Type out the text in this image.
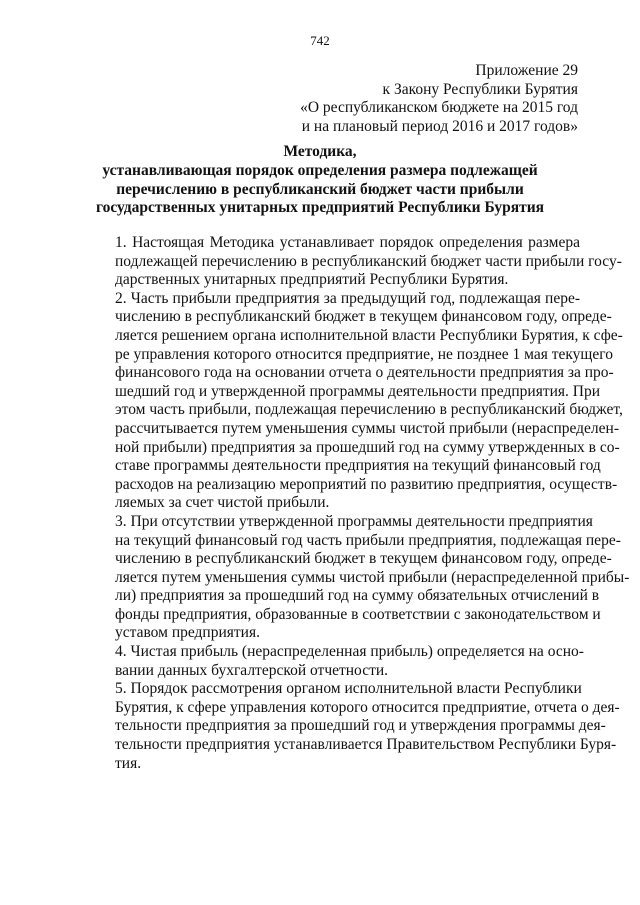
742
Приложение 29
к Закону Республики Бурятия
«О республиканском бюджете на 2015 год
и на плановый период 2016 и 2017 годов»
Методика,
устанавливающая порядок определения размера подлежащей
перечислению в республиканский бюджет части прибыли
государственных унитарных предприятий Республики Бурятия

1. Настоящая Методика устанавливает порядок определения размера
подлежащей перечислению в республиканский бюджет части прибыли госу-
дарственных унитарных предприятий Республики Бурятия.

2. Часть прибыли предприятия за предыдущий год, подлежащая пере-
числению в республиканский бюджет в текущем финансовом году, опреде-
ляется решением органа исполнительной власти Республики Бурятия, к сфе-
ре управления которого относится предприятие, не позднее 1 мая текущего
финансового года на основании отчета о деятельности предприятия за про-
шедший год и утвержденной программы деятельности предприятия. При
этом часть прибыли, подлежащая перечислению в республиканский бюджет,
рассчитывается путем уменьшения суммы чистой прибыли (нераспределен-
ной прибыли) предприятия за прошедший год на сумму утвержденных в со-
ставе программы деятельности предприятия на текущий финансовый год
расходов на реализацию мероприятий по развитию предприятия, осуществ-
ляемых за счет чистой прибыли.

3. При отсутствии утвержденной программы деятельности предприятия
на текущий финансовый год часть прибыли предприятия, подлежащая пере-
числению в республиканский бюджет в текущем финансовом году, опреде-
ляется путем уменьшения суммы чистой прибыли (нераспределенной прибы-
ли) предприятия за прошедший год на сумму обязательных отчислений в
фонды предприятия, образованные в соответствии с законодательством и
уставом предприятия.

4. Чистая прибыль (нераспределенная прибыль) определяется на осно-
вании данных бухгалтерской отчетности.

5. Порядок рассмотрения органом исполнительной власти Республики
Бурятия, к сфере управления которого относится предприятие, отчета о дея-
тельности предприятия за прошедший год и утверждения программы дея-
тельности предприятия устанавливается Правительством Республики Буря-
тия.
